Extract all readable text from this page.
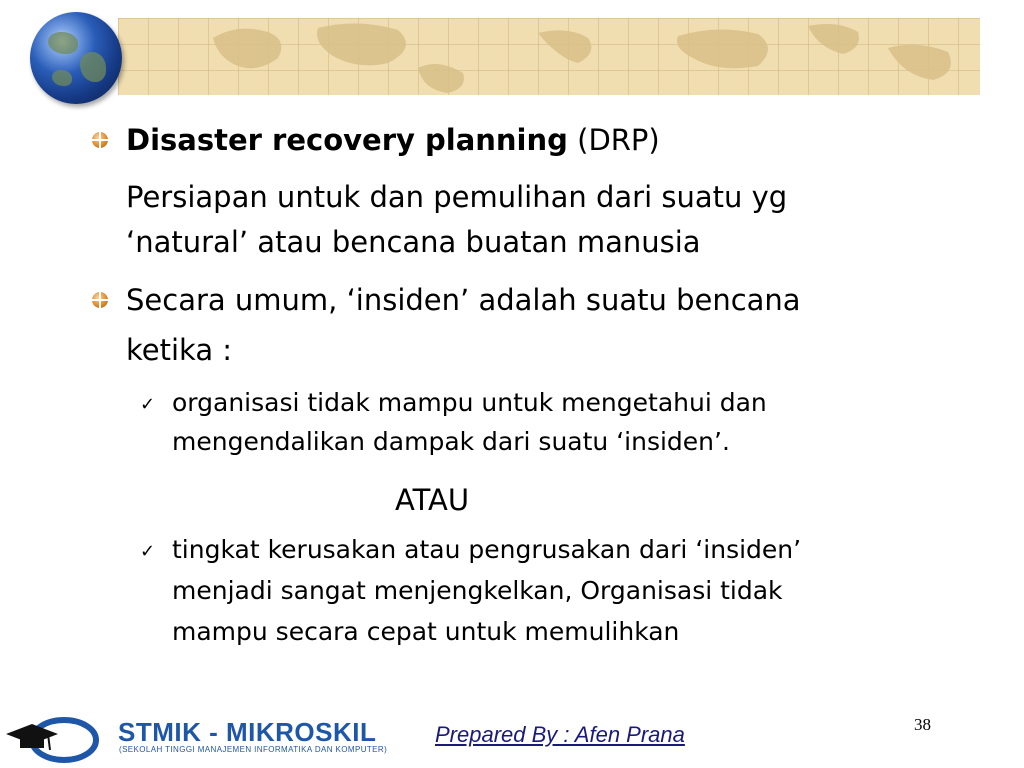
Disaster recovery planning (DRP)
Persiapan untuk dan pemulihan dari suatu yg
‘natural’ atau bencana buatan manusia
Secara umum, ‘insiden’ adalah suatu bencana
ketika :
✓ organisasi tidak mampu untuk mengetahui dan
mengendalikan dampak dari suatu ‘insiden’.
ATAU
✓ tingkat kerusakan atau pengrusakan dari ‘insiden’
menjadi sangat menjengkelkan, Organisasi tidak
mampu secara cepat untuk memulihkan
STMIK - MIKROSKIL
(SEKOLAH TINGGI MANAJEMEN INFORMATIKA DAN KOMPUTER)
Prepared By : Afen Prana	38
